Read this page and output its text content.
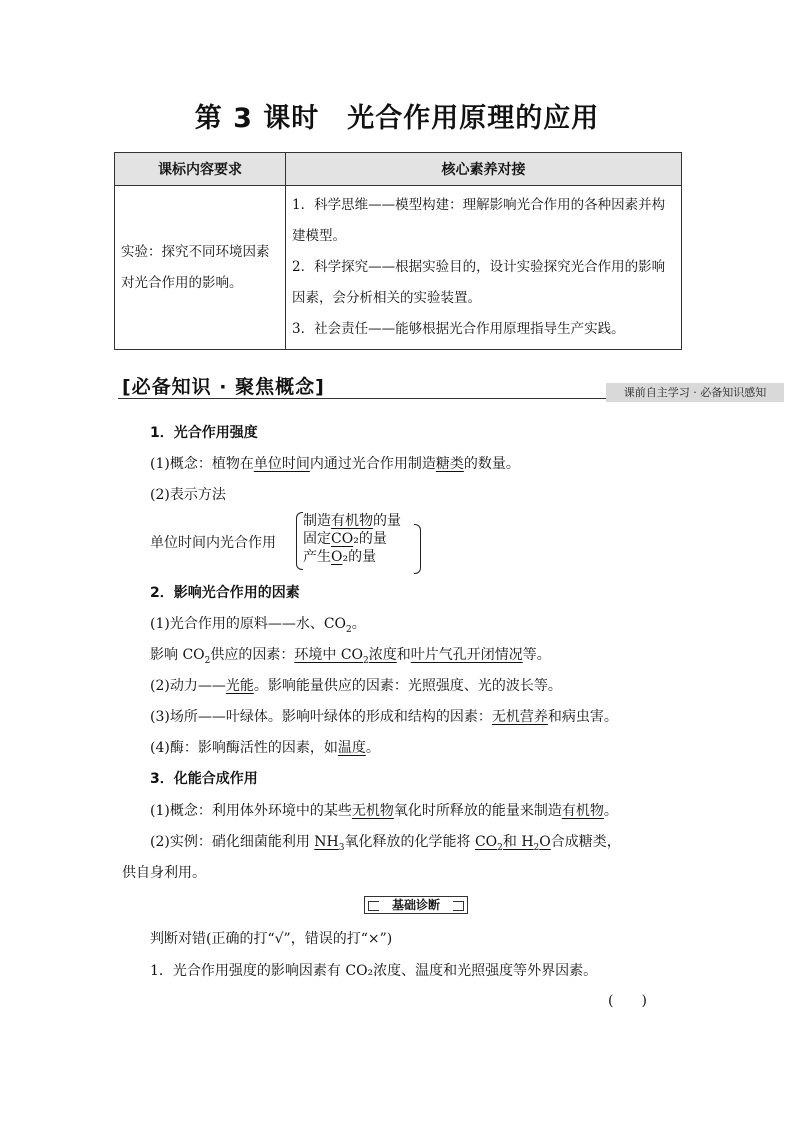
第 3 课时　光合作用原理的应用
课标内容要求	核心素养对接
实验：探究不同环境因素对光合作用的影响。	1．科学思维——模型构建：理解影响光合作用的各种因素并构建模型。
2．科学探究——根据实验目的，设计实验探究光合作用的影响因素，会分析相关的实验装置。
3．社会责任——能够根据光合作用原理指导生产实践。
[必备知识 · 聚焦概念]	课前自主学习 · 必备知识感知
1．光合作用强度
(1)概念：植物在单位时间内通过光合作用制造糖类的数量。
(2)表示方法
单位时间内光合作用
制造有机物的量
固定CO₂的量
产生O₂的量
2．影响光合作用的因素
(1)光合作用的原料——水、$CO_2$。
影响 $CO_2$供应的因素：环境中 $CO_2$浓度和叶片气孔开闭情况等。
(2)动力——光能。影响能量供应的因素：光照强度、光的波长等。
(3)场所——叶绿体。影响叶绿体的形成和结构的因素：无机营养和病虫害。
(4)酶：影响酶活性的因素，如温度。
3．化能合成作用
(1)概念：利用体外环境中的某些无机物氧化时所释放的能量来制造有机物。
(2)实例：硝化细菌能利用 $NH_3$氧化释放的化学能将 $CO_2$和 $H_2O$合成糖类，
供自身利用。
基础诊断
判断对错(正确的打“√”，错误的打“×”)
1．光合作用强度的影响因素有 CO₂浓度、温度和光照强度等外界因素。
(　　)
